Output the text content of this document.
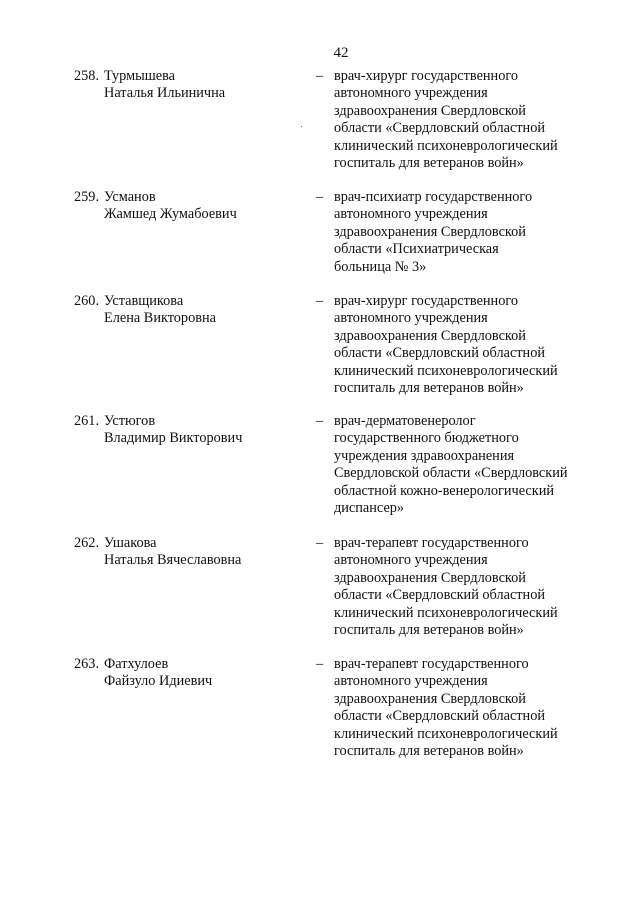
42
258. Турмышева
Наталья Ильинична
– врач-хирург государственного
автономного учреждения
здравоохранения Свердловской
области «Свердловский областной
клинический психоневрологический
госпиталь для ветеранов войн»
259. Усманов
Жамшед Жумабоевич
– врач-психиатр государственного
автономного учреждения
здравоохранения Свердловской
области «Психиатрическая
больница № 3»
260. Уставщикова
Елена Викторовна
– врач-хирург государственного
автономного учреждения
здравоохранения Свердловской
области «Свердловский областной
клинический психоневрологический
госпиталь для ветеранов войн»
261. Устюгов
Владимир Викторович
– врач-дерматовенеролог
государственного бюджетного
учреждения здравоохранения
Свердловской области «Свердловский
областной кожно-венерологический
диспансер»
262. Ушакова
Наталья Вячеславовна
– врач-терапевт государственного
автономного учреждения
здравоохранения Свердловской
области «Свердловский областной
клинический психоневрологический
госпиталь для ветеранов войн»
263. Фатхулоев
Файзуло Идиевич
– врач-терапевт государственного
автономного учреждения
здравоохранения Свердловской
области «Свердловский областной
клинический психоневрологический
госпиталь для ветеранов войн»
